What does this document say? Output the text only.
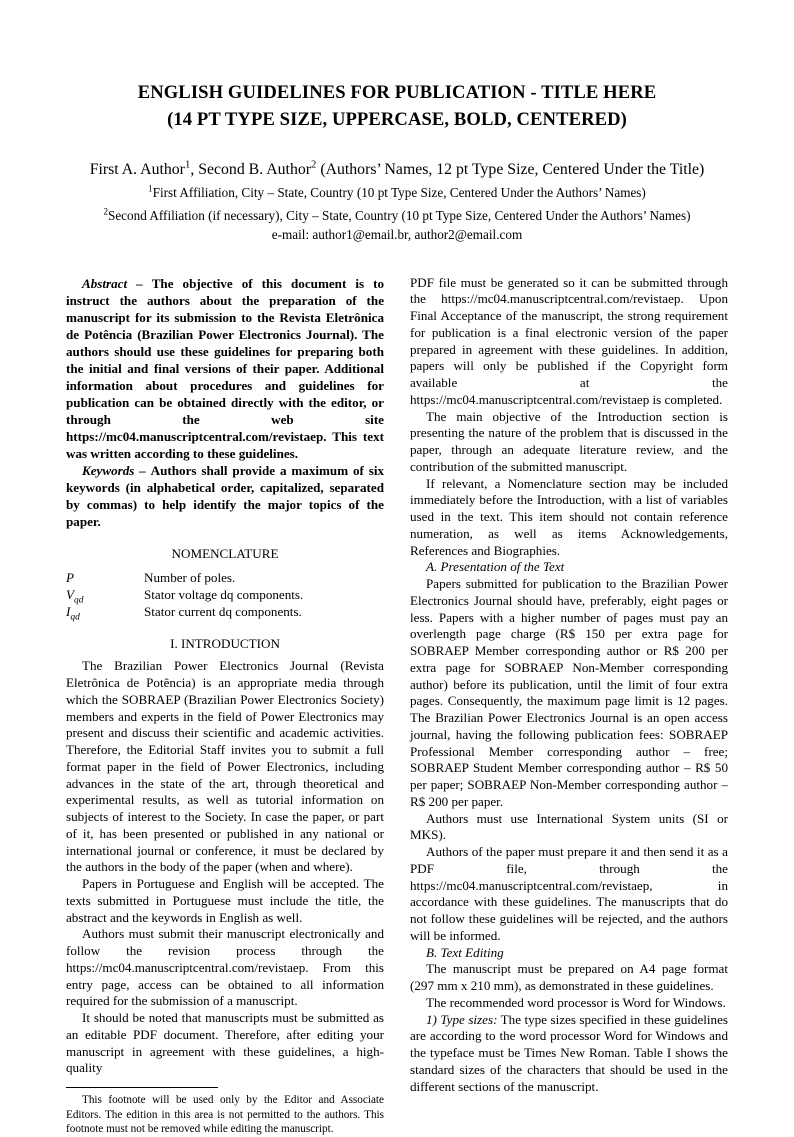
ENGLISH GUIDELINES FOR PUBLICATION - TITLE HERE
(14 PT TYPE SIZE, UPPERCASE, BOLD, CENTERED)
First A. Author$^1$, Second B. Author$^2$ (Authors’ Names, 12 pt Type Size, Centered Under the Title)
$^1$First Affiliation, City – State, Country (10 pt Type Size, Centered Under the Authors’ Names)
$^2$Second Affiliation (if necessary), City – State, Country (10 pt Type Size, Centered Under the Authors’ Names)
e-mail: author1@email.br, author2@email.com

Abstract – The objective of this document is to instruct the authors about the preparation of the manuscript for its submission to the Revista Eletrônica de Potência (Brazilian Power Electronics Journal). The authors should use these guidelines for preparing both the initial and final versions of their paper. Additional information about procedures and guidelines for publication can be obtained directly with the editor, or through the web site https://mc04.manuscriptcentral.com/revistaep. This text was written according to these guidelines.

Keywords – Authors shall provide a maximum of six keywords (in alphabetical order, capitalized, separated by commas) to help identify the major topics of the paper.

NOMENCLATURE
P	Number of poles.
$V_{qd}$	Stator voltage dq components.
$I_{qd}$	Stator current dq components.
I. INTRODUCTION

The Brazilian Power Electronics Journal (Revista Eletrônica de Potência) is an appropriate media through which the SOBRAEP (Brazilian Power Electronics Society) members and experts in the field of Power Electronics may present and discuss their scientific and academic activities. Therefore, the Editorial Staff invites you to submit a full format paper in the field of Power Electronics, including advances in the state of the art, through theoretical and experimental results, as well as tutorial information on subjects of interest to the Society. In case the paper, or part of it, has been presented or published in any national or international journal or conference, it must be declared by the authors in the body of the paper (when and where).

Papers in Portuguese and English will be accepted. The texts submitted in Portuguese must include the title, the abstract and the keywords in English as well.

Authors must submit their manuscript electronically and follow the revision process through the https://mc04.manuscriptcentral.com/revistaep. From this entry page, access can be obtained to all information required for the submission of a manuscript.

It should be noted that manuscripts must be submitted as an editable PDF document. Therefore, after editing your manuscript in agreement with these guidelines, a high-quality

This footnote will be used only by the Editor and Associate Editors. The edition in this area is not permitted to the authors. This footnote must not be removed while editing the manuscript.

PDF file must be generated so it can be submitted through the https://mc04.manuscriptcentral.com/revistaep. Upon Final Acceptance of the manuscript, the strong requirement for publication is a final electronic version of the paper prepared in agreement with these guidelines. In addition, papers will only be published if the Copyright form available at the https://mc04.manuscriptcentral.com/revistaep is completed.

The main objective of the Introduction section is presenting the nature of the problem that is discussed in the paper, through an adequate literature review, and the contribution of the submitted manuscript.

If relevant, a Nomenclature section may be included immediately before the Introduction, with a list of variables used in the text. This item should not contain reference numeration, as well as items Acknowledgements, References and Biographies.

A. Presentation of the Text

Papers submitted for publication to the Brazilian Power Electronics Journal should have, preferably, eight pages or less. Papers with a higher number of pages must pay an overlength page charge (R$ 150 per extra page for SOBRAEP Member corresponding author or R$ 200 per extra page for SOBRAEP Non-Member corresponding author) before its publication, until the limit of four extra pages. Consequently, the maximum page limit is 12 pages. The Brazilian Power Electronics Journal is an open access journal, having the following publication fees: SOBRAEP Professional Member corresponding author – free; SOBRAEP Student Member corresponding author – R$ 50 per paper; SOBRAEP Non-Member corresponding author – R$ 200 per paper.

Authors must use International System units (SI or MKS).

Authors of the paper must prepare it and then send it as a PDF file, through the https://mc04.manuscriptcentral.com/revistaep, in accordance with these guidelines. The manuscripts that do not follow these guidelines will be rejected, and the authors will be informed.

B. Text Editing

The manuscript must be prepared on A4 page format (297 mm x 210 mm), as demonstrated in these guidelines.

The recommended word processor is Word for Windows.

1) Type sizes: The type sizes specified in these guidelines are according to the word processor Word for Windows and the typeface must be Times New Roman. Table I shows the standard sizes of the characters that should be used in the different sections of the manuscript.
